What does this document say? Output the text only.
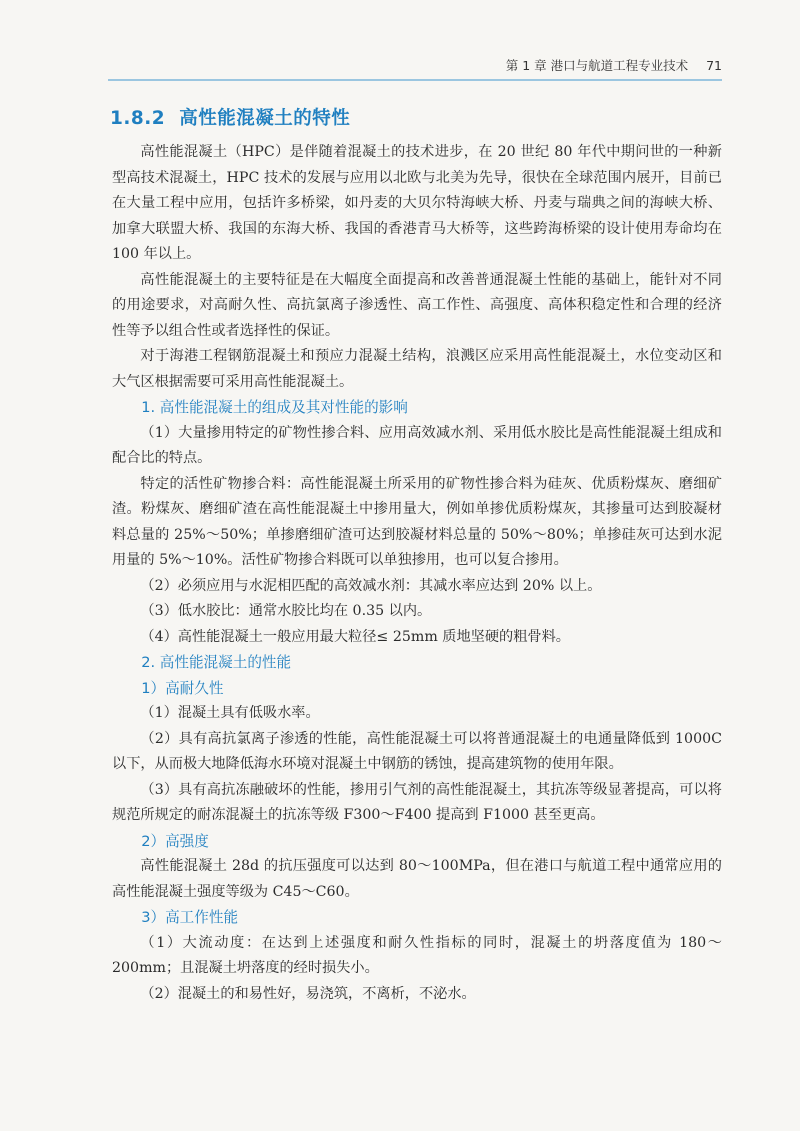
第 1 章 港口与航道工程专业技术 71
1.8.2 高性能混凝土的特性

高性能混凝土（HPC）是伴随着混凝土的技术进步，在 20 世纪 80 年代中期问世的一种新型高技术混凝土，HPC 技术的发展与应用以北欧与北美为先导，很快在全球范围内展开，目前已在大量工程中应用，包括许多桥梁，如丹麦的大贝尔特海峡大桥、丹麦与瑞典之间的海峡大桥、加拿大联盟大桥、我国的东海大桥、我国的香港青马大桥等，这些跨海桥梁的设计使用寿命均在 100 年以上。

高性能混凝土的主要特征是在大幅度全面提高和改善普通混凝土性能的基础上，能针对不同的用途要求，对高耐久性、高抗氯离子渗透性、高工作性、高强度、高体积稳定性和合理的经济性等予以组合性或者选择性的保证。

对于海港工程钢筋混凝土和预应力混凝土结构，浪溅区应采用高性能混凝土，水位变动区和大气区根据需要可采用高性能混凝土。

1. 高性能混凝土的组成及其对性能的影响

（1）大量掺用特定的矿物性掺合料、应用高效减水剂、采用低水胶比是高性能混凝土组成和配合比的特点。

特定的活性矿物掺合料：高性能混凝土所采用的矿物性掺合料为硅灰、优质粉煤灰、磨细矿渣。粉煤灰、磨细矿渣在高性能混凝土中掺用量大，例如单掺优质粉煤灰，其掺量可达到胶凝材料总量的 25%～50%；单掺磨细矿渣可达到胶凝材料总量的 50%～80%；单掺硅灰可达到水泥用量的 5%～10%。活性矿物掺合料既可以单独掺用，也可以复合掺用。

（2）必须应用与水泥相匹配的高效减水剂：其减水率应达到 20% 以上。

（3）低水胶比：通常水胶比均在 0.35 以内。

（4）高性能混凝土一般应用最大粒径≤ 25mm 质地坚硬的粗骨料。

2. 高性能混凝土的性能
1）高耐久性

（1）混凝土具有低吸水率。

（2）具有高抗氯离子渗透的性能，高性能混凝土可以将普通混凝土的电通量降低到 1000C 以下，从而极大地降低海水环境对混凝土中钢筋的锈蚀，提高建筑物的使用年限。

（3）具有高抗冻融破坏的性能，掺用引气剂的高性能混凝土，其抗冻等级显著提高，可以将规范所规定的耐冻混凝土的抗冻等级 F300～F400 提高到 F1000 甚至更高。

2）高强度

高性能混凝土 28d 的抗压强度可以达到 80～100MPa，但在港口与航道工程中通常应用的高性能混凝土强度等级为 C45～C60。

3）高工作性能

（1）大流动度：在达到上述强度和耐久性指标的同时，混凝土的坍落度值为 180～200mm；且混凝土坍落度的经时损失小。

（2）混凝土的和易性好，易浇筑，不离析，不泌水。
